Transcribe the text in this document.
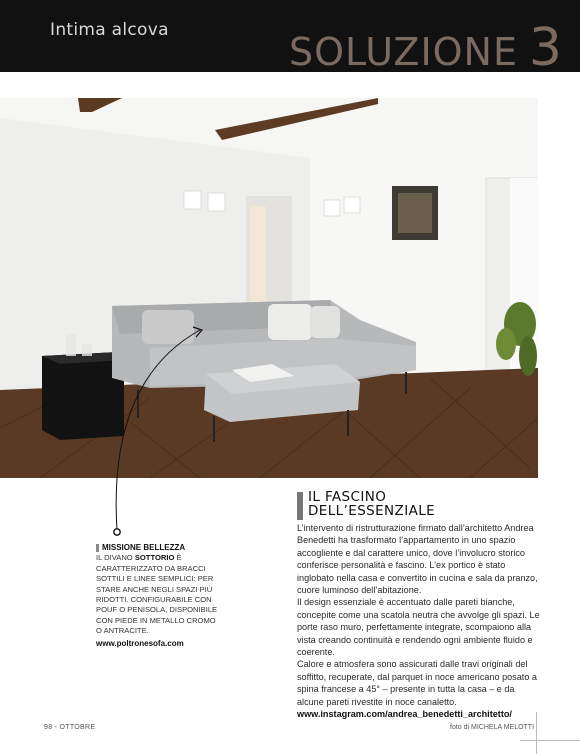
Intima alcova	SOLUZIONE 3
MISSIONE BELLEZZA
IL DIVANO SOTTORIO È CARATTERIZZATO DA BRACCI SOTTILI E LINEE SEMPLICI: PER STARE ANCHE NEGLI SPAZI PIÙ RIDOTTI. CONFIGURABILE CON POUF O PENISOLA, DISPONIBILE CON PIEDE IN METALLO CROMO O ANTRACITE.
www.poltronesofa.com
IL FASCINO
DELL’ESSENZIALE

L’intervento di ristrutturazione firmato dall’architetto Andrea Benedetti ha trasformato l’appartamento in uno spazio accogliente e dal carattere unico, dove l’involucro storico conferisce personalità e fascino. L’ex portico è stato inglobato nella casa e convertito in cucina e sala da pranzo, cuore luminoso dell’abitazione.

Il design essenziale è accentuato dalle pareti bianche, concepite come una scatola neutra che avvolge gli spazi. Le porte raso muro, perfettamente integrate, scompaiono alla vista creando continuità e rendendo ogni ambiente fluido e coerente.

Calore e atmosfera sono assicurati dalle travi originali del soffitto, recuperate, dal parquet in noce americano posato a spina francese a 45° – presente in tutta la casa – e da alcune pareti rivestite in noce canaletto.

www.instagram.com/andrea_benedetti_architetto/
98 - OTTOBRE	foto di MICHELA MELOTTI
